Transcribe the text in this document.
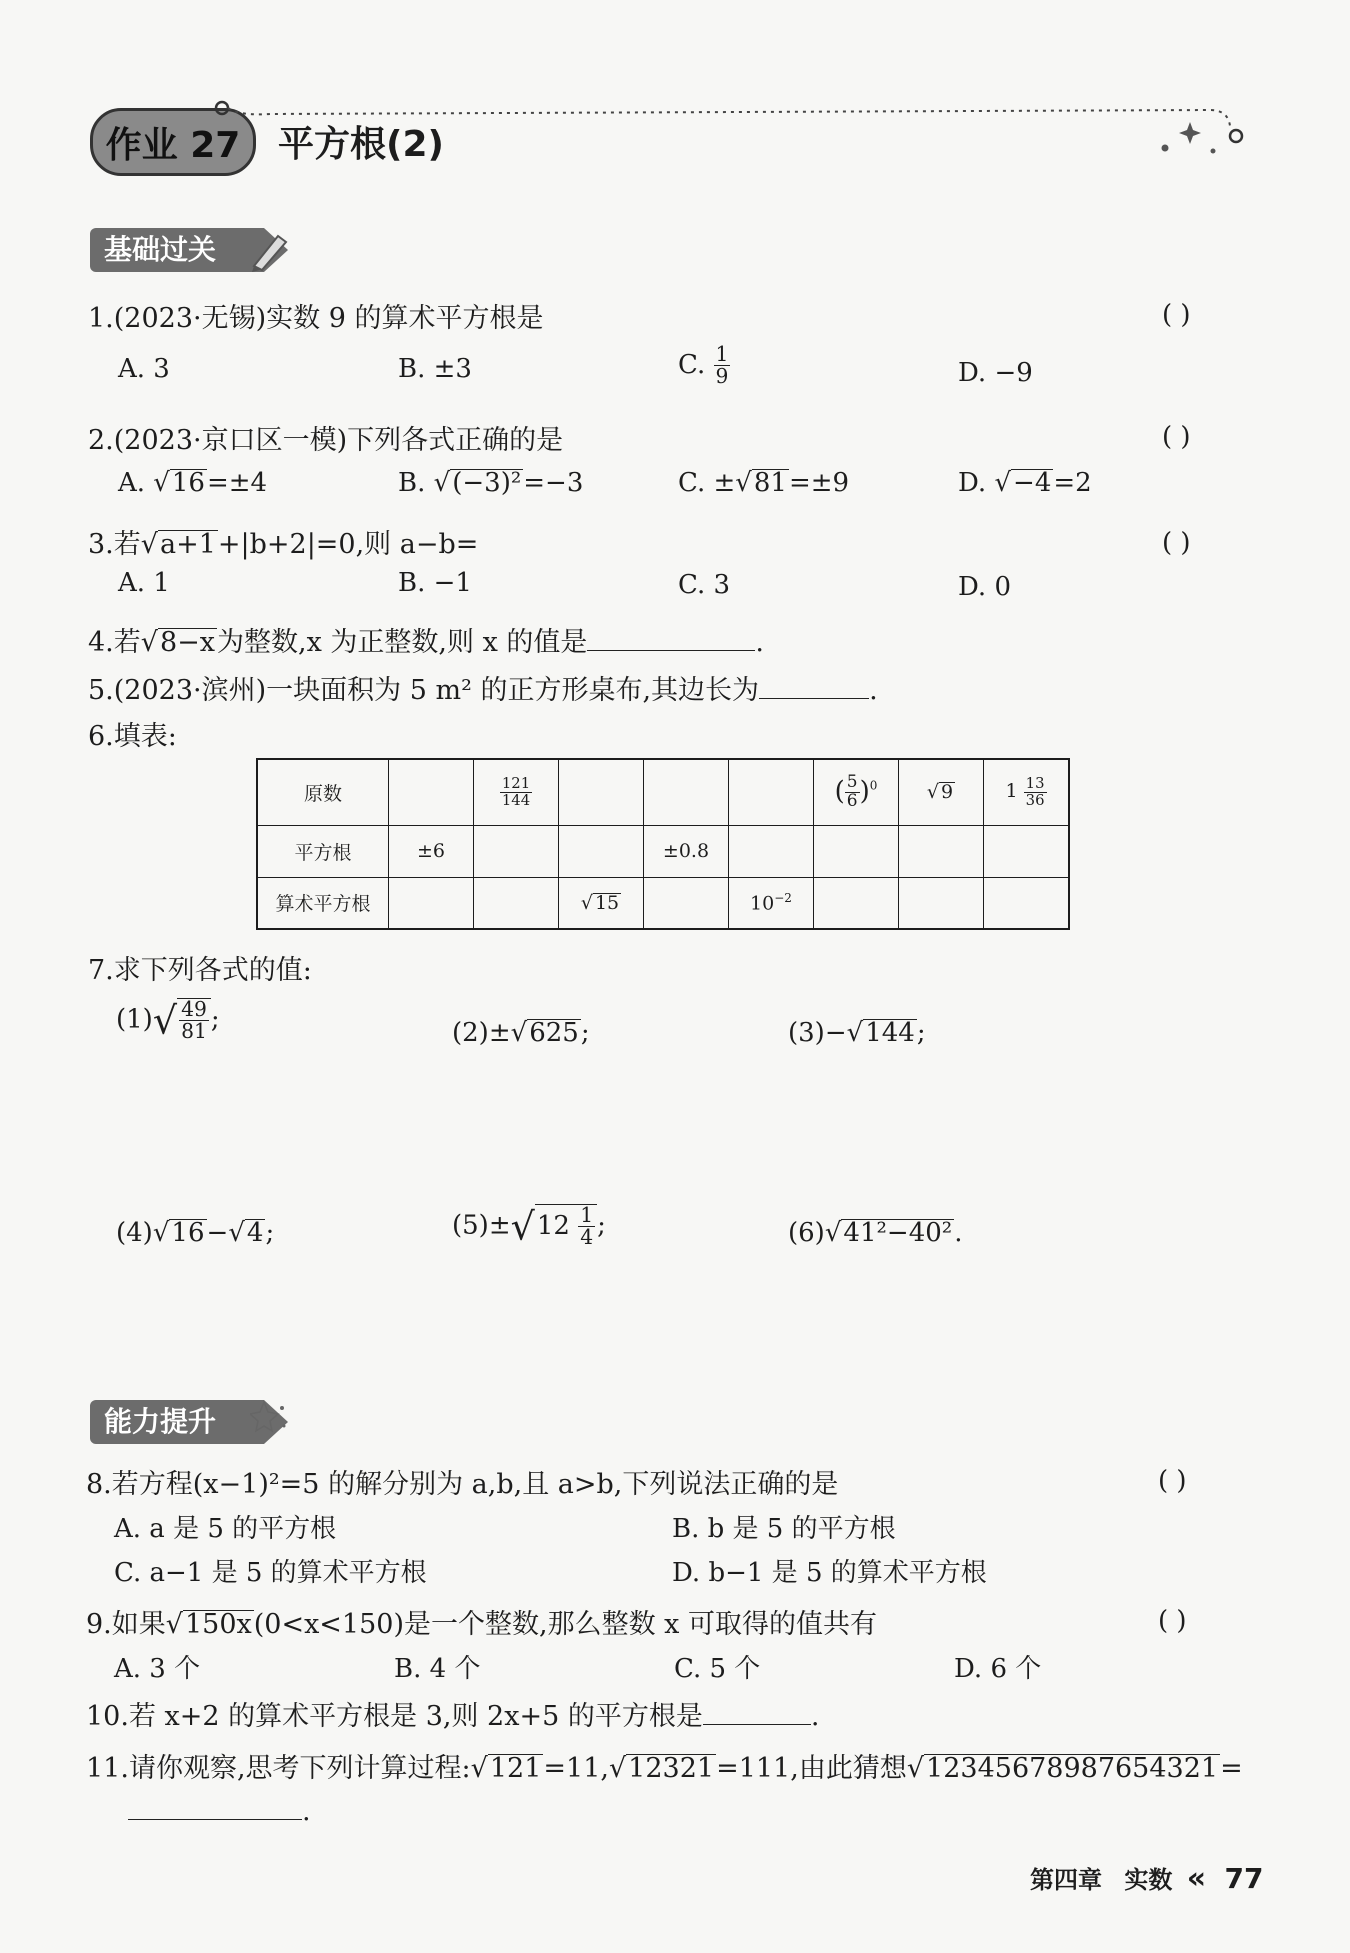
作业 27	平方根(2)
基础过关
1.(2023·无锡)实数 9 的算术平方根是	( )
A. 3	B. ±3	C. $\frac{1}{9}$	D. −9
2.(2023·京口区一模)下列各式正确的是	( )
A. √16=±4	B. √(−3)²=−3	C. ±√81=±9	D. √−4=2
3.若√a+1+|b+2|=0,则 a−b=	( )
A. 1	B. −1	C. 3	D. 0
4.若√8−x为整数,x 为正整数,则 x 的值是	.
5.(2023·滨州)一块面积为 5 m² 的正方形桌布,其边长为	.
6.填表:
原数		$\frac{121}{144}$				( $\frac{5}{6} )^0$	√ 9	$1 \frac{13}{36}$

平方根	±6			±0.8				
算术平方根			√ 15		$10^{-2}$			
7.求下列各式的值:
$(1)√ \frac{49}{81}$ ;	(2)±√625;	(3)−√144;
(4)√16−√4;	$(5)\pm√12 \frac{1}{4}$ ;	(6)√41²−40².
能力提升
8.若方程(x−1)²=5 的解分别为 a,b,且 a>b,下列说法正确的是	( )
A. a 是 5 的平方根	B. b 是 5 的平方根
C. a−1 是 5 的算术平方根	D. b−1 是 5 的算术平方根
9.如果√150x(0<x<150)是一个整数,那么整数 x 可取得的值共有	( )
A. 3 个	B. 4 个	C. 5 个	D. 6 个
10.若 x+2 的算术平方根是 3,则 2x+5 的平方根是	.
11.请你观察,思考下列计算过程:√121=11,√12321=111,由此猜想√12345678987654321=
.
第四章 实数 « 77
